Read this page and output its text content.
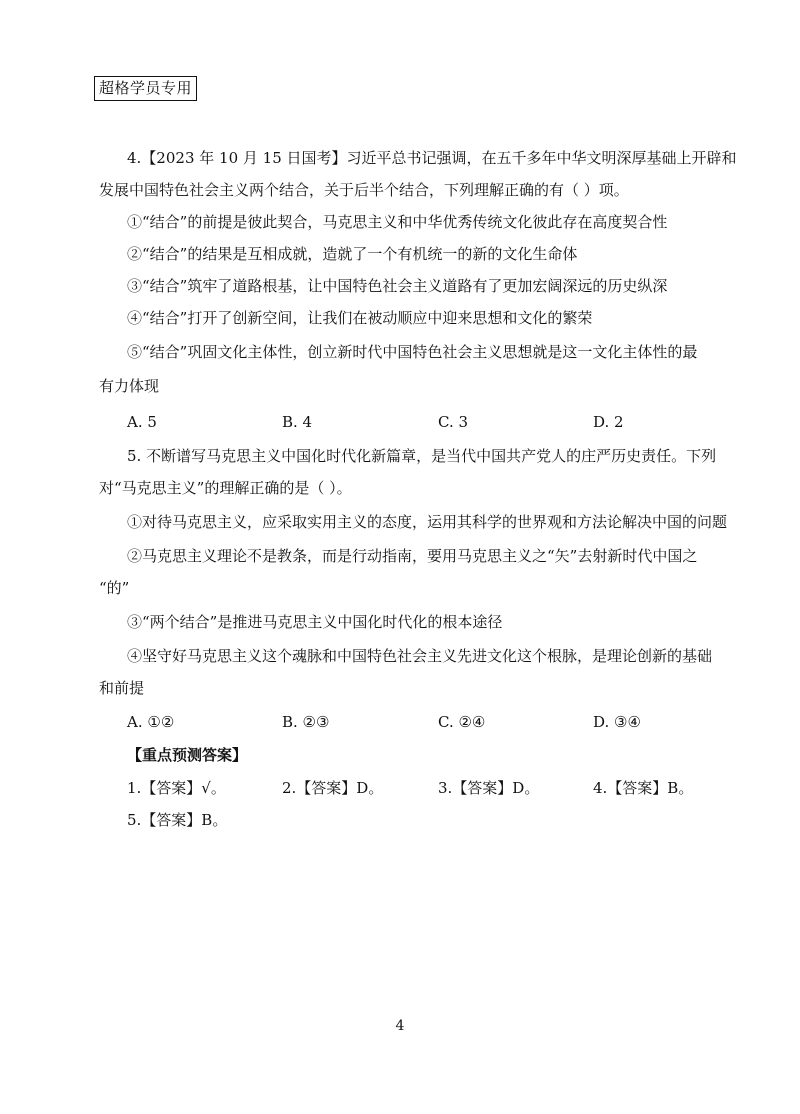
超格学员专用
4.【2023 年 10 月 15 日国考】习近平总书记强调，在五千多年中华文明深厚基础上开辟和
发展中国特色社会主义两个结合，关于后半个结合，下列理解正确的有（ ）项。
①“结合”的前提是彼此契合，马克思主义和中华优秀传统文化彼此存在高度契合性
②“结合”的结果是互相成就，造就了一个有机统一的新的文化生命体
③“结合”筑牢了道路根基，让中国特色社会主义道路有了更加宏阔深远的历史纵深
④“结合”打开了创新空间，让我们在被动顺应中迎来思想和文化的繁荣
⑤“结合”巩固文化主体性，创立新时代中国特色社会主义思想就是这一文化主体性的最
有力体现
A. 5	B. 4	C. 3	D. 2
5. 不断谱写马克思主义中国化时代化新篇章，是当代中国共产党人的庄严历史责任。下列
对“马克思主义”的理解正确的是（ ）。
①对待马克思主义，应采取实用主义的态度，运用其科学的世界观和方法论解决中国的问题
②马克思主义理论不是教条，而是行动指南，要用马克思主义之“矢”去射新时代中国之
“的”
③“两个结合”是推进马克思主义中国化时代化的根本途径
④坚守好马克思主义这个魂脉和中国特色社会主义先进文化这个根脉，是理论创新的基础
和前提
A. ①②	B. ②③	C. ②④	D. ③④
【重点预测答案】
1.【答案】√。	2.【答案】D。	3.【答案】D。	4.【答案】B。
5.【答案】B。
4
